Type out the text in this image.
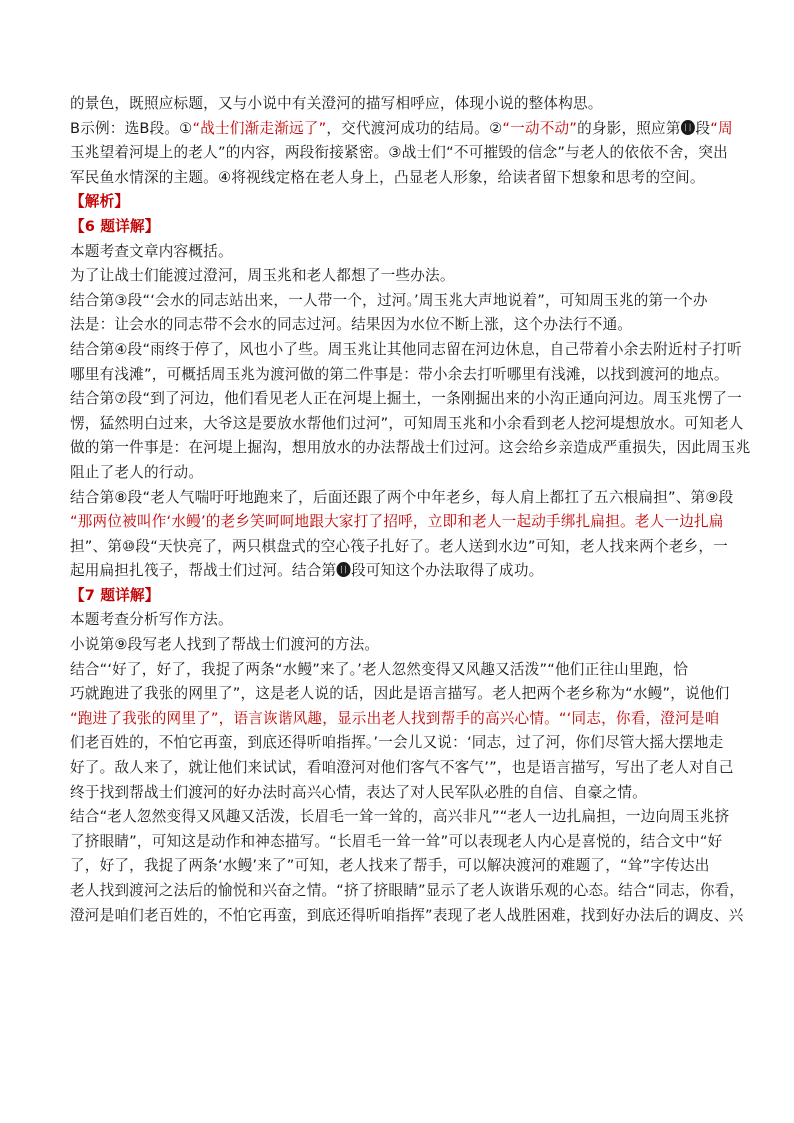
的景色，既照应标题，又与小说中有关澄河的描写相呼应，体现小说的整体构思。
B示例：选B段。①“战士们渐走渐远了”，交代渡河成功的结局。②“一动不动”的身影，照应第⓫段“周
玉兆望着河堤上的老人”的内容，两段衔接紧密。③战士们“不可摧毁的信念”与老人的依依不舍，突出
军民鱼水情深的主题。④将视线定格在老人身上，凸显老人形象，给读者留下想象和思考的空间。
【解析】
【6 题详解】
本题考查文章内容概括。
为了让战士们能渡过澄河，周玉兆和老人都想了一些办法。
结合第③段“‘会水的同志站出来，一人带一个，过河。’周玉兆大声地说着”，可知周玉兆的第一个办
法是：让会水的同志带不会水的同志过河。结果因为水位不断上涨，这个办法行不通。
结合第④段“雨终于停了，风也小了些。周玉兆让其他同志留在河边休息，自己带着小余去附近村子打听
哪里有浅滩”，可概括周玉兆为渡河做的第二件事是：带小余去打听哪里有浅滩，以找到渡河的地点。
结合第⑦段“到了河边，他们看见老人正在河堤上掘土，一条刚掘出来的小沟正通向河边。周玉兆愣了一
愣，猛然明白过来，大爷这是要放水帮他们过河”，可知周玉兆和小余看到老人挖河堤想放水。可知老人
做的第一件事是：在河堤上掘沟，想用放水的办法帮战士们过河。这会给乡亲造成严重损失，因此周玉兆
阻止了老人的行动。
结合第⑧段“老人气喘吁吁地跑来了，后面还跟了两个中年老乡，每人肩上都扛了五六根扁担”、第⑨段
“那两位被叫作‘水鳗’的老乡笑呵呵地跟大家打了招呼，立即和老人一起动手绑扎扁担。老人一边扎扁
担”、第⑩段“天快亮了，两只棋盘式的空心筏子扎好了。老人送到水边”可知，老人找来两个老乡，一
起用扁担扎筏子，帮战士们过河。结合第⓫段可知这个办法取得了成功。
【7 题详解】
本题考查分析写作方法。
小说第⑨段写老人找到了帮战士们渡河的方法。
结合“‘好了，好了，我捉了两条“水鳗”来了。’老人忽然变得又风趣又活泼”“他们正往山里跑，恰
巧就跑进了我张的网里了”，这是老人说的话，因此是语言描写。老人把两个老乡称为“水鳗”，说他们
“跑进了我张的网里了”，语言诙谐风趣，显示出老人找到帮手的高兴心情。“‘同志，你看，澄河是咱
们老百姓的，不怕它再蛮，到底还得听咱指挥。’一会儿又说：‘同志，过了河，你们尽管大摇大摆地走
好了。敌人来了，就让他们来试试，看咱澄河对他们客气不客气’”，也是语言描写，写出了老人对自己
终于找到帮战士们渡河的好办法时高兴心情，表达了对人民军队必胜的自信、自豪之情。
结合“老人忽然变得又风趣又活泼，长眉毛一耸一耸的，高兴非凡”“老人一边扎扁担，一边向周玉兆挤
了挤眼睛”，可知这是动作和神态描写。“长眉毛一耸一耸”可以表现老人内心是喜悦的，结合文中“好
了，好了，我捉了两条‘水鳗’来了”可知，老人找来了帮手，可以解决渡河的难题了，“耸”字传达出
老人找到渡河之法后的愉悦和兴奋之情。“挤了挤眼睛”显示了老人诙谐乐观的心态。结合“同志，你看，
澄河是咱们老百姓的，不怕它再蛮，到底还得听咱指挥”表现了老人战胜困难，找到好办法后的调皮、兴
